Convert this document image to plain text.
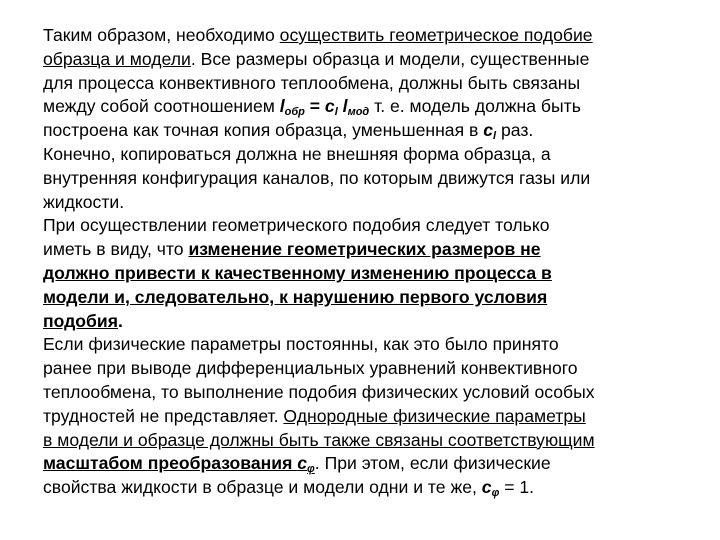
Таким образом, необходимо осуществить геометрическое подобие
образца и модели. Все размеры образца и модели, существенные
для процесса конвективного теплообмена, должны быть связаны
между собой соотношением $l_{обр} = c_l$ $l_{мод}$ т. е. модель должна быть
построена как точная копия образца, уменьшенная в $c_l$ раз.
Конечно, копироваться должна не внешняя форма образца, а
внутренняя конфигурация каналов, по которым движутся газы или
жидкости.
При осуществлении геометрического подобия следует только
иметь в виду, что изменение геометрических размеров не
должно привести к качественному изменению процесса в
модели и, следовательно, к нарушению первого условия
подобия.
Если физические параметры постоянны, как это было принято
ранее при выводе дифференциальных уравнений конвективного
теплообмена, то выполнение подобия физических условий особых
трудностей не представляет. Однородные физические параметры
в модели и образце должны быть также связаны соответствующим
масштабом преобразования $c_\varphi$. При этом, если физические
свойства жидкости в образце и модели одни и те же, $c_\varphi = 1$.
